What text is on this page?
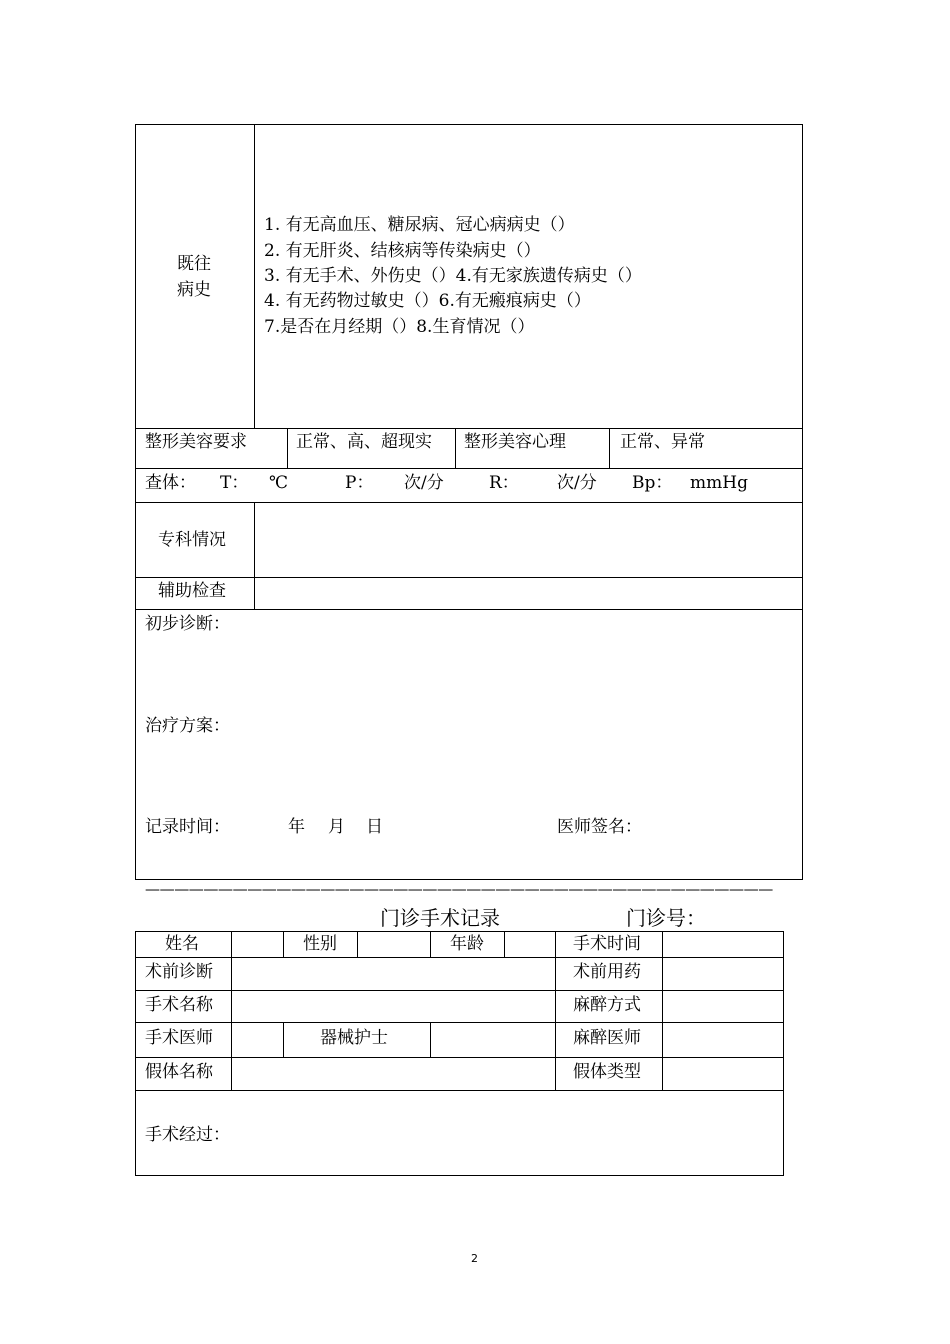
既往
病史
1. 有无高血压、糖尿病、冠心病病史（）
2. 有无肝炎、结核病等传染病史（）
3. 有无手术、外伤史（）4.有无家族遗传病史（）
4. 有无药物过敏史（）6.有无瘢痕病史（）
7.是否在月经期（）8.生育情况（）
整形美容要求	正常、高、超现实 整形美容心理	正常、异常
查体： T： ℃	P： 次/分	R： 次/分 Bp： mmHg
专科情况
辅助检查
初步诊断：
治疗方案：
记录时间：	年 月 日	医师签名：
———————————————————————————————————————————
门诊手术记录	门诊号：
姓名	性别	年龄	手术时间
术前诊断	术前用药
手术名称	麻醉方式
手术医师	器械护士	麻醉医师
假体名称	假体类型
手术经过：
2
